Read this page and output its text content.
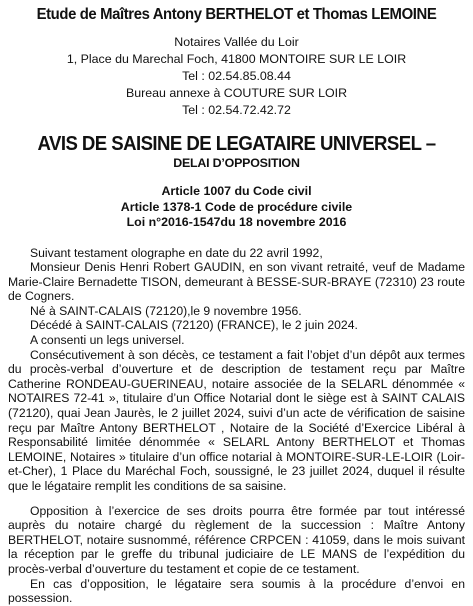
Etude de Maîtres Antony BERTHELOT et Thomas LEMOINE
Notaires Vallée du Loir
1, Place du Marechal Foch, 41800 MONTOIRE SUR LE LOIR
Tel : 02.54.85.08.44
Bureau annexe à COUTURE SUR LOIR
Tel : 02.54.72.42.72
AVIS DE SAISINE DE LEGATAIRE UNIVERSEL –
DELAI D’OPPOSITION
Article 1007 du Code civil
Article 1378-1 Code de procédure civile
Loi n°2016-1547du 18 novembre 2016

Suivant testament olographe en date du 22 avril 1992,

Monsieur Denis Henri Robert GAUDIN, en son vivant retraité, veuf de Madame Marie-Claire Bernadette TISON, demeurant à BESSE-SUR-BRAYE (72310) 23 route de Cogners.

Né à SAINT-CALAIS (72120),le 9 novembre 1956.

Décédé à SAINT-CALAIS (72120) (FRANCE), le 2 juin 2024.

A consenti un legs universel.

Consécutivement à son décès, ce testament a fait l’objet d’un dépôt aux termes du procès-verbal d’ouverture et de description de testament reçu par Maître Catherine RONDEAU-GUERINEAU, notaire associée de la SELARL dénommée « NOTAIRES 72-41 », titulaire d’un Office Notarial dont le siège est à SAINT CALAIS (72120), quai Jean Jaurès, le 2 juillet 2024, suivi d’un acte de vérification de saisine reçu par Maître Antony BERTHELOT , Notaire de la Société d’Exercice Libéral à Responsabilité limitée dénommée « SELARL Antony BERTHELOT et Thomas LEMOINE, Notaires » titulaire d’un office notarial à MONTOIRE-SUR-LE-LOIR (Loir-et-Cher), 1 Place du Maréchal Foch, soussigné, le 23 juillet 2024, duquel il résulte que le légataire remplit les conditions de sa saisine.

Opposition à l’exercice de ses droits pourra être formée par tout intéressé auprès du notaire chargé du règlement de la succession : Maître Antony BERTHELOT, notaire susnommé, référence CRPCEN : 41059, dans le mois suivant la réception par le greffe du tribunal judiciaire de LE MANS de l’expédition du procès-verbal d’ouverture du testament et copie de ce testament.

En cas d’opposition, le légataire sera soumis à la procédure d’envoi en possession.
